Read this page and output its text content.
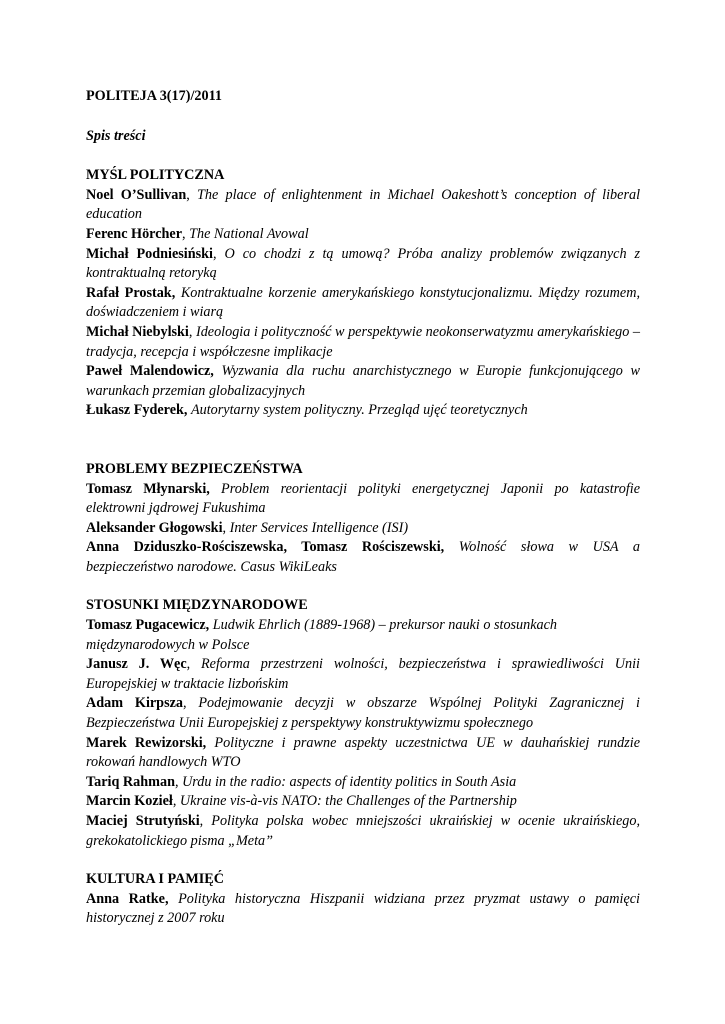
POLITEJA 3(17)/2011

Spis treści

MYŚL POLITYCZNA

Noel O’Sullivan, The place of enlightenment in Michael Oakeshott’s conception of liberal education

Ferenc Hörcher, The National Avowal

Michał Podniesiński, O co chodzi z tą umową? Próba analizy problemów związanych z kontraktualną retoryką

Rafał Prostak, Kontraktualne korzenie amerykańskiego konstytucjonalizmu. Między rozumem, doświadczeniem i wiarą

Michał Niebylski, Ideologia i polityczność w perspektywie neokonserwatyzmu amerykańskiego – tradycja, recepcja i współczesne implikacje

Paweł Malendowicz, Wyzwania dla ruchu anarchistycznego w Europie funkcjonującego w warunkach przemian globalizacyjnych

Łukasz Fyderek, Autorytarny system polityczny. Przegląd ujęć teoretycznych

PROBLEMY BEZPIECZEŃSTWA

Tomasz Młynarski, Problem reorientacji polityki energetycznej Japonii po katastrofie elektrowni jądrowej Fukushima

Aleksander Głogowski, Inter Services Intelligence (ISI)

Anna Dziduszko-Rościszewska, Tomasz Rościszewski, Wolność słowa w USA a bezpieczeństwo narodowe. Casus WikiLeaks

STOSUNKI MIĘDZYNARODOWE

Tomasz Pugacewicz, Ludwik Ehrlich (1889-1968) – prekursor nauki o stosunkach międzynarodowych w Polsce

Janusz J. Węc, Reforma przestrzeni wolności, bezpieczeństwa i sprawiedliwości Unii Europejskiej w traktacie lizbońskim

Adam Kirpsza, Podejmowanie decyzji w obszarze Wspólnej Polityki Zagranicznej i Bezpieczeństwa Unii Europejskiej z perspektywy konstruktywizmu społecznego

Marek Rewizorski, Polityczne i prawne aspekty uczestnictwa UE w dauhańskiej rundzie rokowań handlowych WTO

Tariq Rahman, Urdu in the radio: aspects of identity politics in South Asia

Marcin Kozieł, Ukraine vis-à-vis NATO: the Challenges of the Partnership

Maciej Strutyński, Polityka polska wobec mniejszości ukraińskiej w ocenie ukraińskiego, grekokatolickiego pisma „Meta”

KULTURA I PAMIĘĆ

Anna Ratke, Polityka historyczna Hiszpanii widziana przez pryzmat ustawy o pamięci historycznej z 2007 roku
